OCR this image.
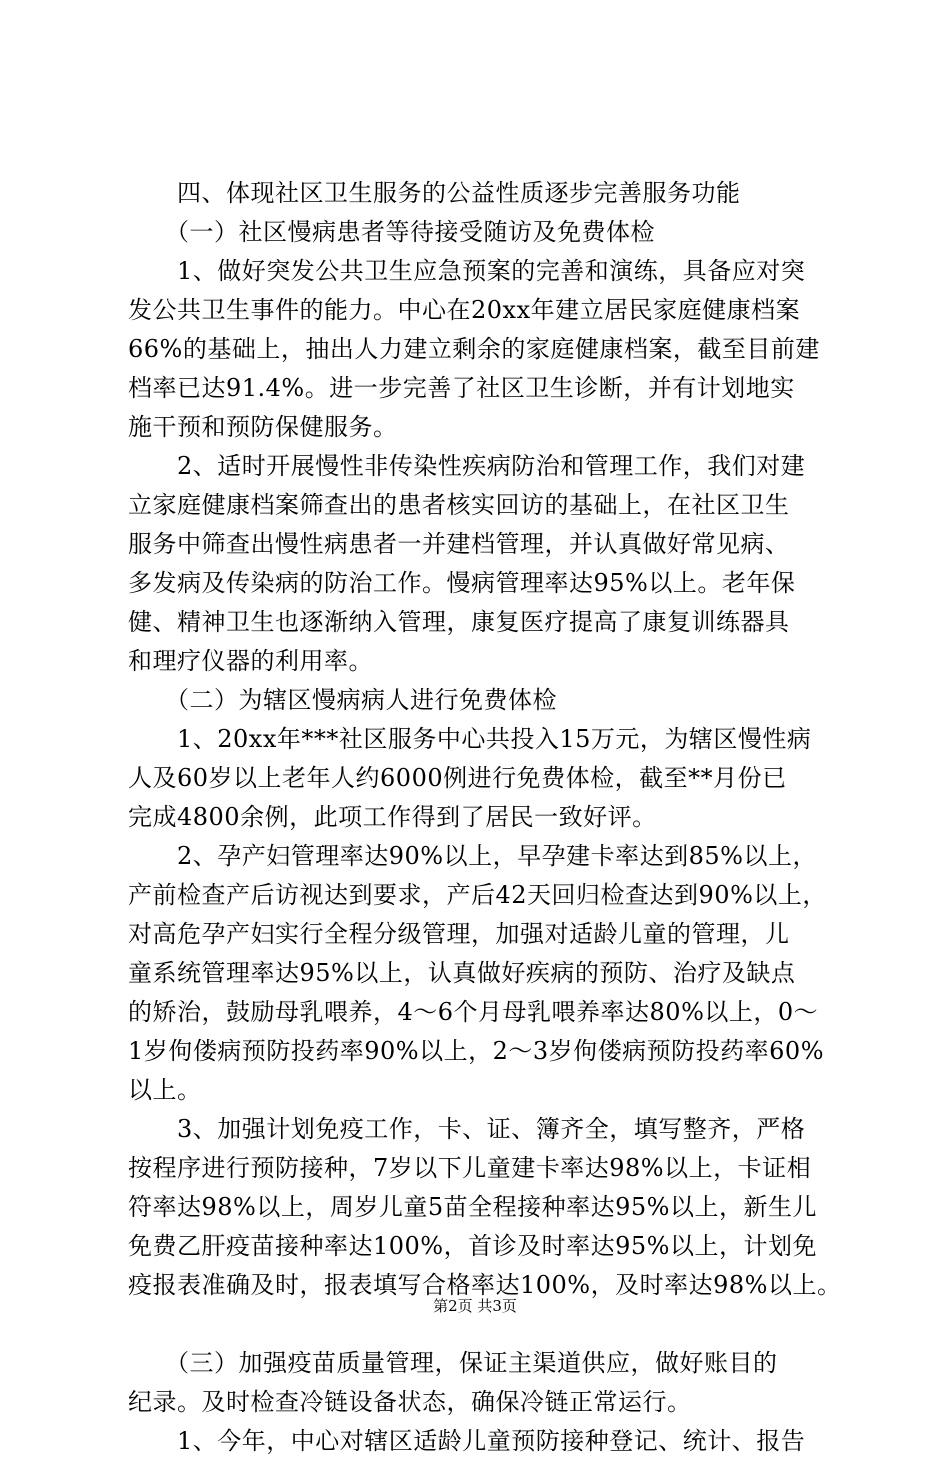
　　四、体现社区卫生服务的公益性质逐步完善服务功能
　　（一）社区慢病患者等待接受随访及免费体检
　　1、做好突发公共卫生应急预案的完善和演练，具备应对突
发公共卫生事件的能力。中心在20xx年建立居民家庭健康档案
66%的基础上，抽出人力建立剩余的家庭健康档案，截至目前建
档率已达91.4%。进一步完善了社区卫生诊断，并有计划地实
施干预和预防保健服务。
　　2、适时开展慢性非传染性疾病防治和管理工作，我们对建
立家庭健康档案筛查出的患者核实回访的基础上，在社区卫生
服务中筛查出慢性病患者一并建档管理，并认真做好常见病、
多发病及传染病的防治工作。慢病管理率达95%以上。老年保
健、精神卫生也逐渐纳入管理，康复医疗提高了康复训练器具
和理疗仪器的利用率。
　　（二）为辖区慢病病人进行免费体检
　　1、20xx年***社区服务中心共投入15万元，为辖区慢性病
人及60岁以上老年人约6000例进行免费体检，截至**月份已
完成4800余例，此项工作得到了居民一致好评。
　　2、孕产妇管理率达90%以上，早孕建卡率达到85%以上，
产前检查产后访视达到要求，产后42天回归检查达到90%以上，
对高危孕产妇实行全程分级管理，加强对适龄儿童的管理，儿
童系统管理率达95%以上，认真做好疾病的预防、治疗及缺点
的矫治，鼓励母乳喂养，4～6个月母乳喂养率达80%以上，0～
1岁佝偻病预防投药率90%以上，2～3岁佝偻病预防投药率60%
以上。
　　3、加强计划免疫工作，卡、证、簿齐全，填写整齐，严格
按程序进行预防接种，7岁以下儿童建卡率达98%以上，卡证相
符率达98%以上，周岁儿童5苗全程接种率达95%以上，新生儿
免费乙肝疫苗接种率达100%，首诊及时率达95%以上，计划免
疫报表准确及时，报表填写合格率达100%，及时率达98%以上。
　　（三）加强疫苗质量管理，保证主渠道供应，做好账目的
纪录。及时检查冷链设备状态，确保冷链正常运行。
　　1、今年，中心对辖区适龄儿童预防接种登记、统计、报告
第2页 共3页
